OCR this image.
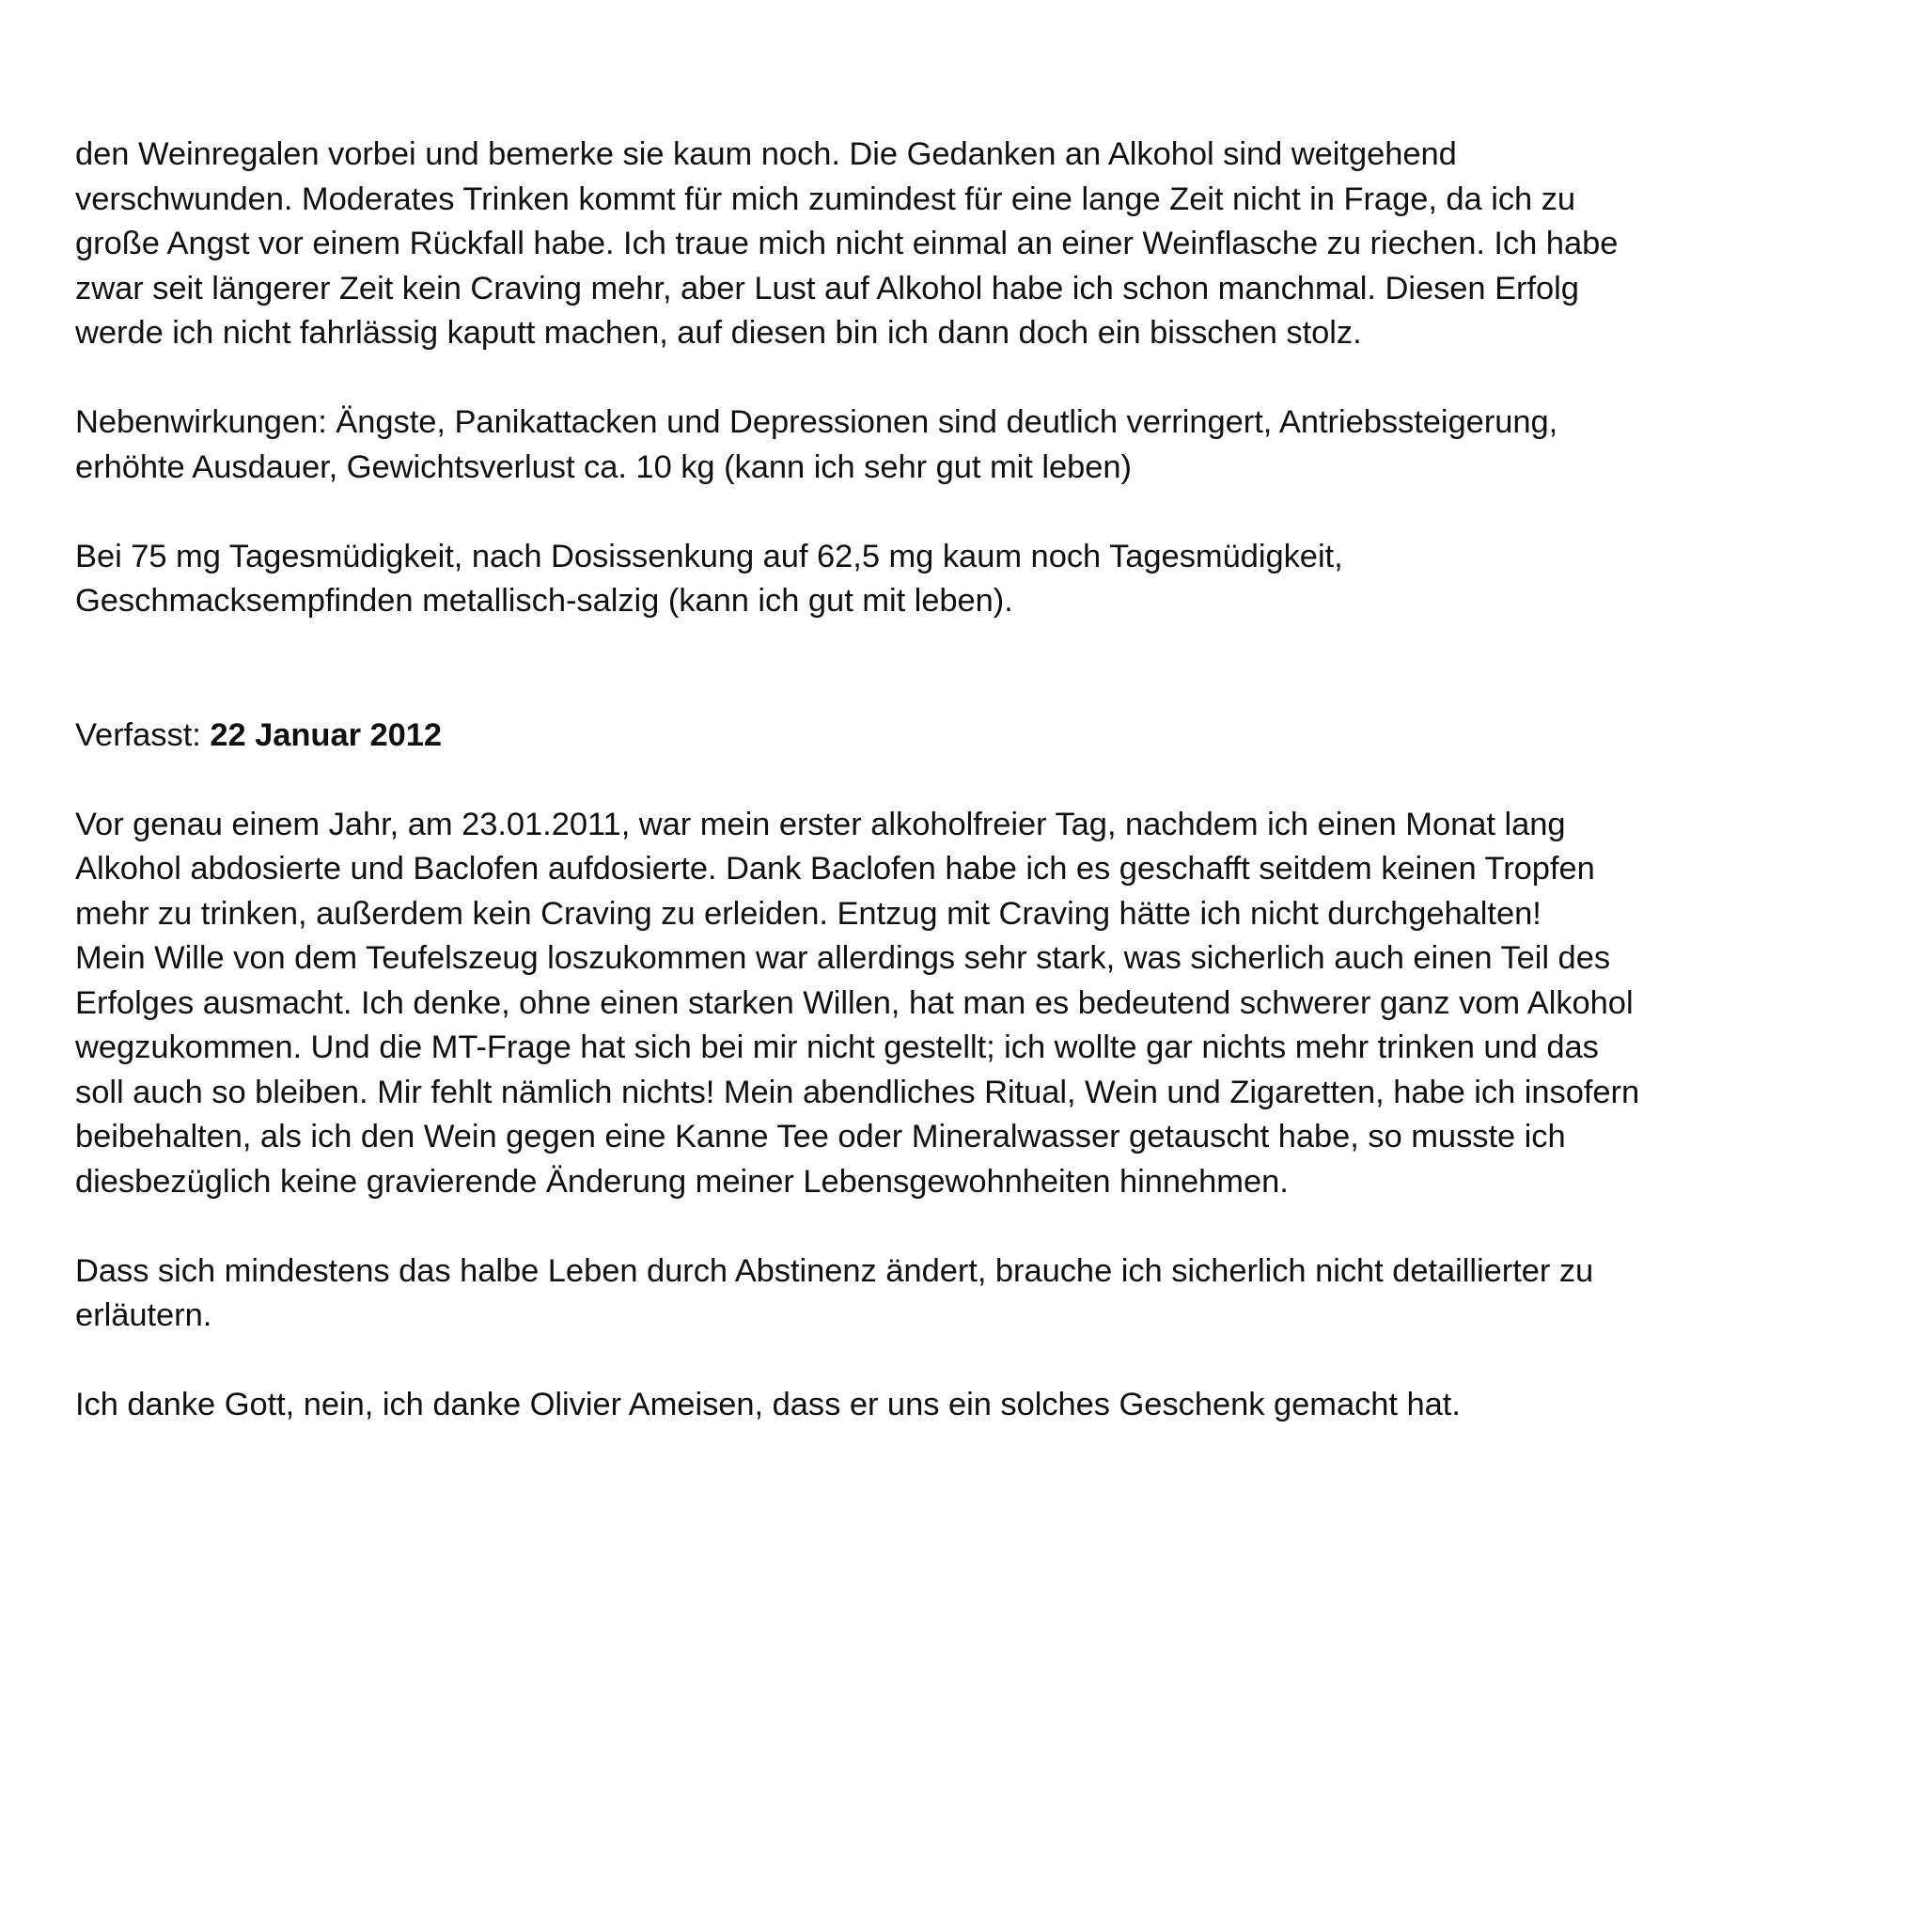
den Weinregalen vorbei und bemerke sie kaum noch. Die Gedanken an Alkohol sind weitgehend
verschwunden. Moderates Trinken kommt für mich zumindest für eine lange Zeit nicht in Frage, da ich zu
große Angst vor einem Rückfall habe. Ich traue mich nicht einmal an einer Weinflasche zu riechen. Ich habe
zwar seit längerer Zeit kein Craving mehr, aber Lust auf Alkohol habe ich schon manchmal. Diesen Erfolg
werde ich nicht fahrlässig kaputt machen, auf diesen bin ich dann doch ein bisschen stolz.

Nebenwirkungen: Ängste, Panikattacken und Depressionen sind deutlich verringert, Antriebssteigerung,
erhöhte Ausdauer, Gewichtsverlust ca. 10 kg (kann ich sehr gut mit leben)

Bei 75 mg Tagesmüdigkeit, nach Dosissenkung auf 62,5 mg kaum noch Tagesmüdigkeit,
Geschmacksempfinden metallisch-salzig (kann ich gut mit leben).

Verfasst: 22 Januar 2012

Vor genau einem Jahr, am 23.01.2011, war mein erster alkoholfreier Tag, nachdem ich einen Monat lang
Alkohol abdosierte und Baclofen aufdosierte. Dank Baclofen habe ich es geschafft seitdem keinen Tropfen
mehr zu trinken, außerdem kein Craving zu erleiden. Entzug mit Craving hätte ich nicht durchgehalten!
Mein Wille von dem Teufelszeug loszukommen war allerdings sehr stark, was sicherlich auch einen Teil des
Erfolges ausmacht. Ich denke, ohne einen starken Willen, hat man es bedeutend schwerer ganz vom Alkohol
wegzukommen. Und die MT-Frage hat sich bei mir nicht gestellt; ich wollte gar nichts mehr trinken und das
soll auch so bleiben. Mir fehlt nämlich nichts! Mein abendliches Ritual, Wein und Zigaretten, habe ich insofern
beibehalten, als ich den Wein gegen eine Kanne Tee oder Mineralwasser getauscht habe, so musste ich
diesbezüglich keine gravierende Änderung meiner Lebensgewohnheiten hinnehmen.

Dass sich mindestens das halbe Leben durch Abstinenz ändert, brauche ich sicherlich nicht detaillierter zu
erläutern.

Ich danke Gott, nein, ich danke Olivier Ameisen, dass er uns ein solches Geschenk gemacht hat.
